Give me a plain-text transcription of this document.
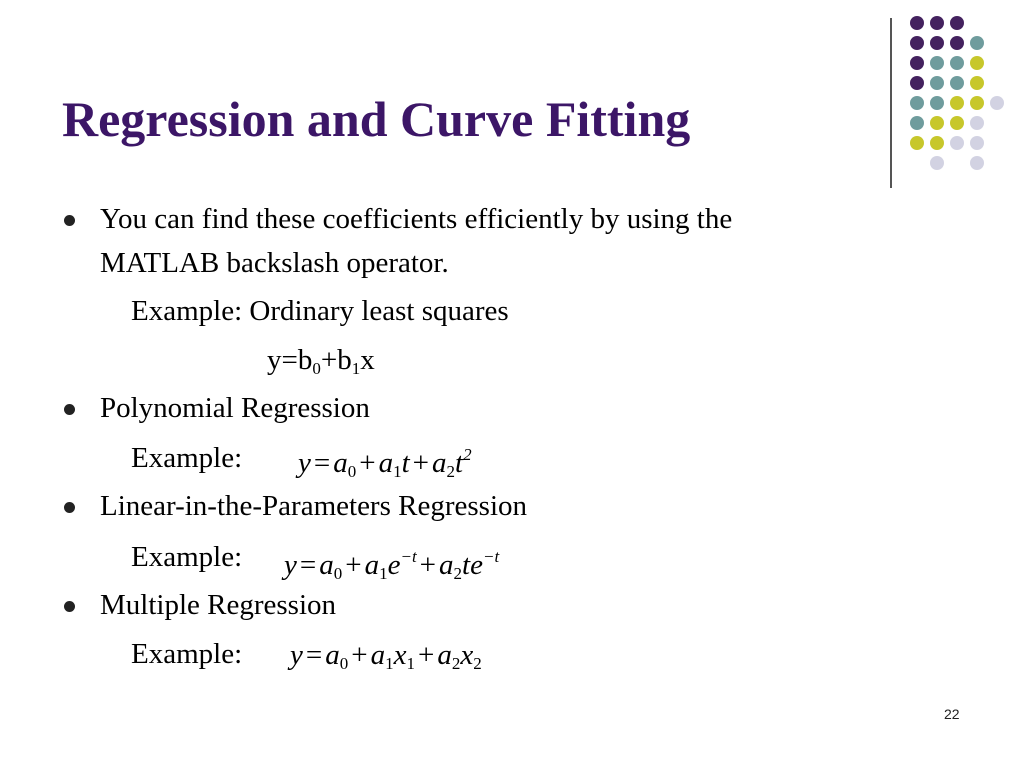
Regression and Curve Fitting
You can find these coefficients efficiently by using the
MATLAB backslash operator.
Example: Ordinary least squares
$y=b_0+b_1x$
Polynomial Regression
Example: $y = a_0 + a_1t + a_2t^2$
Linear-in-the-Parameters Regression
Example: $y = a_0 + a_1e^{-t} + a_2te^{-t}$
Multiple Regression
Example: $y = a_0 + a_1x_1 + a_2x_2$
22
